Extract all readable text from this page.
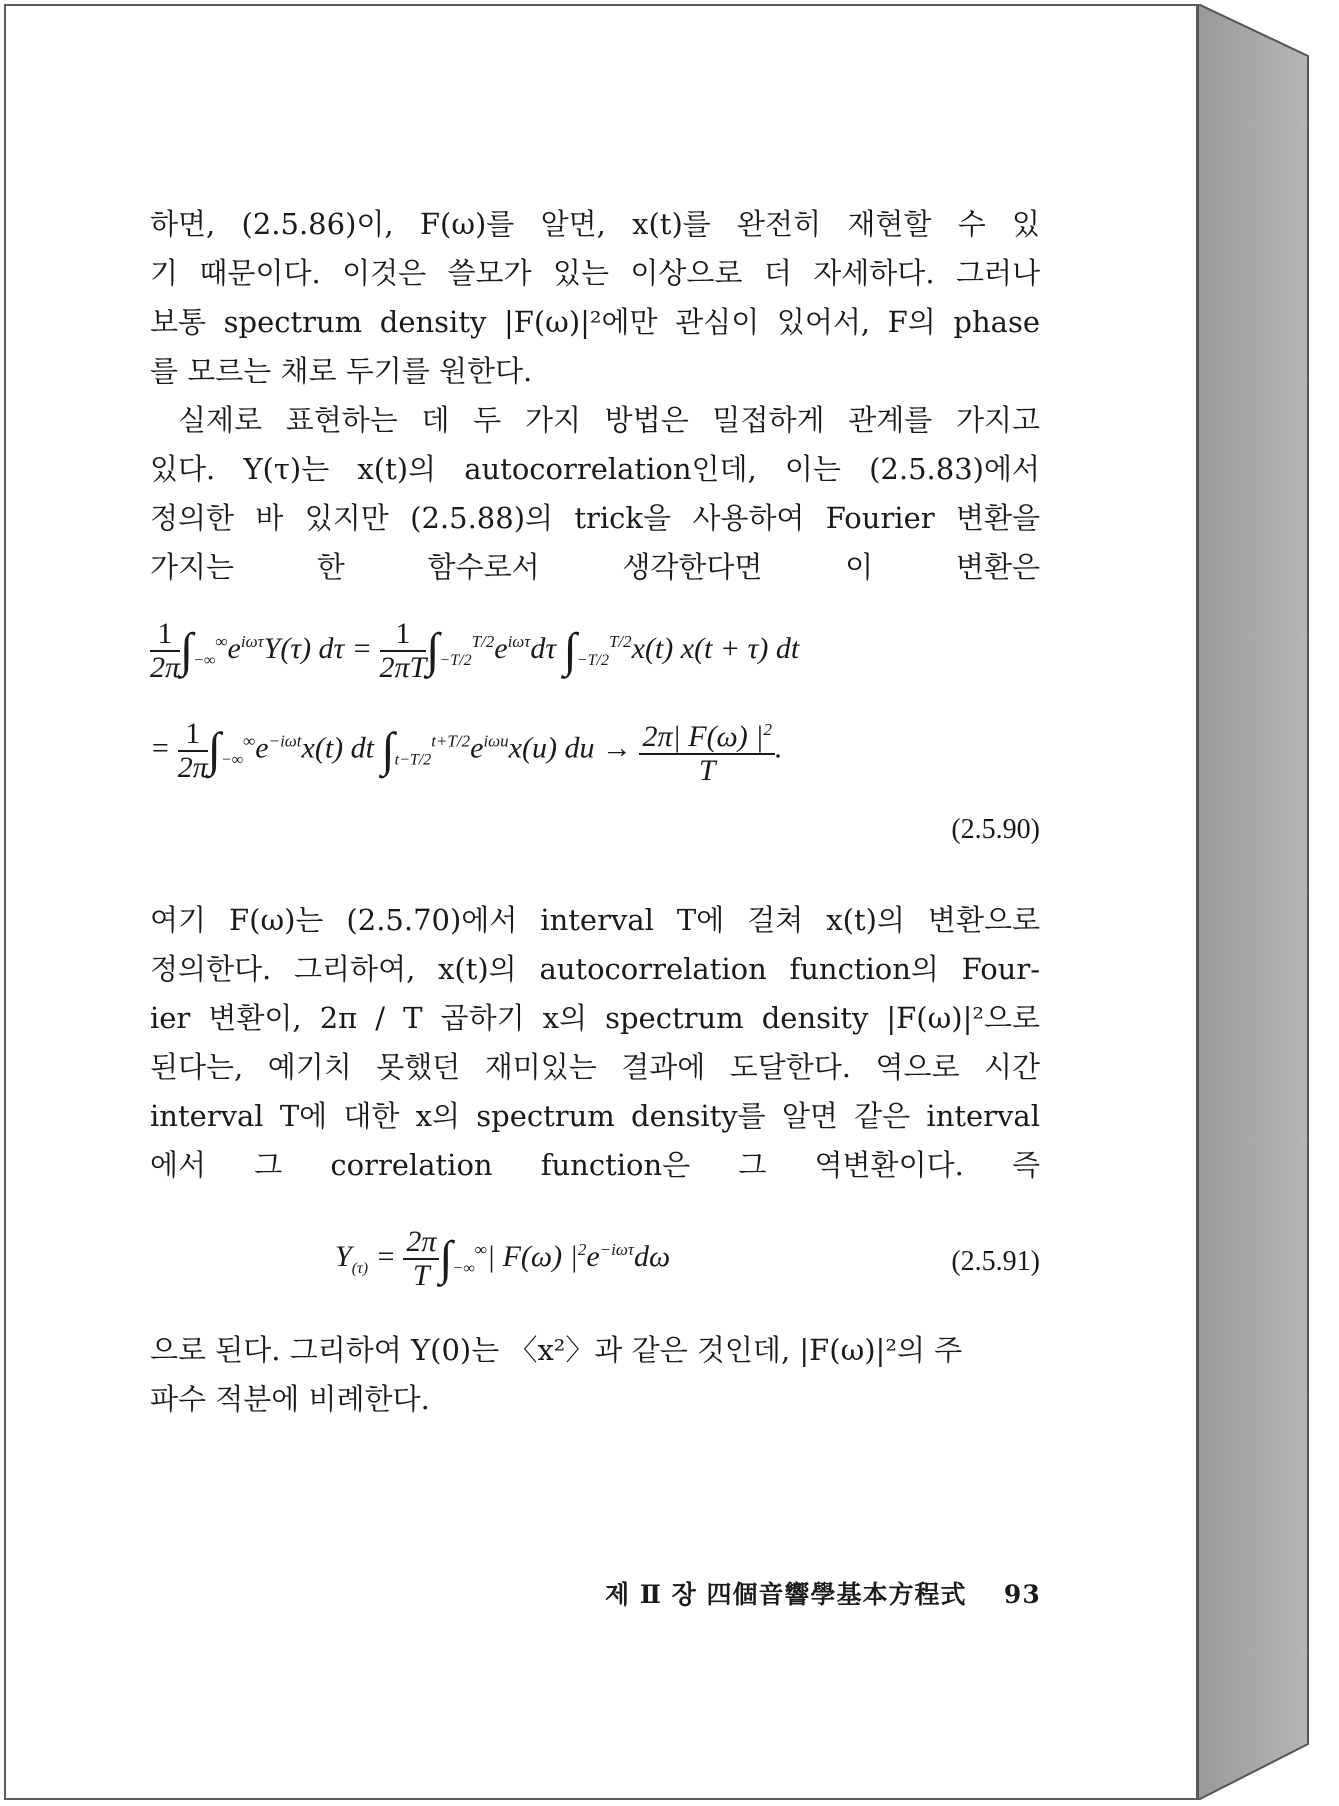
하면, (2.5.86)이, F(ω)를 알면, x(t)를 완전히 재현할 수 있
기 때문이다. 이것은 쓸모가 있는 이상으로 더 자세하다. 그러나
보통 spectrum density |F(ω)|²에만 관심이 있어서, F의 phase
를 모르는 채로 두기를 원한다.

실제로 표현하는 데 두 가지 방법은 밀접하게 관계를 가지고
있다. Υ(τ)는 x(t)의 autocorrelation인데, 이는 (2.5.83)에서
정의한 바 있지만 (2.5.88)의 trick을 사용하여 Fourier 변환을
가지는 한 함수로서 생각한다면 이 변환은

$\frac{1}{2\pi} \int_{-\infty}^\infty e^{i\omega\tau}\Upsilon(\tau) d\tau = \frac{1}{2\pi T} \int_{-T/2}^{T/2}e^{i\omega\tau}d\tau$ $\int_{-T/2}^{T/2}x(t) x(t + \tau)$ dt
= $\frac{1}{2\pi} \int_{-\infty}^\infty e^{-i\omega t}x(t)$ dt $\int_{t-T/2}^{t+T/2}e^{i\omega u}x(u)$ du → $\frac{2\pi| F(\omega) |^2}{T}$ .
(2.5.90)

여기 F(ω)는 (2.5.70)에서 interval T에 걸쳐 x(t)의 변환으로
정의한다. 그리하여, x(t)의 autocorrelation function의 Four-
ier 변환이, 2π / T 곱하기 x의 spectrum density |F(ω)|²으로
된다는, 예기치 못했던 재미있는 결과에 도달한다. 역으로 시간
interval T에 대한 x의 spectrum density를 알면 같은 interval
에서 그 correlation function은 그 역변환이다. 즉

$\Upsilon_{(\tau)} = \frac{2\pi}{T} \int_{-\infty}^\infty|$ F(ω) $|^2e^{-i\omega\tau}d\omega$	(2.5.91)

으로 된다. 그리하여 Υ(0)는 〈x²〉과 같은 것인데, |F(ω)|²의 주
파수 적분에 비례한다.

제 Ⅱ 장 四個音響學基本方程式 93
